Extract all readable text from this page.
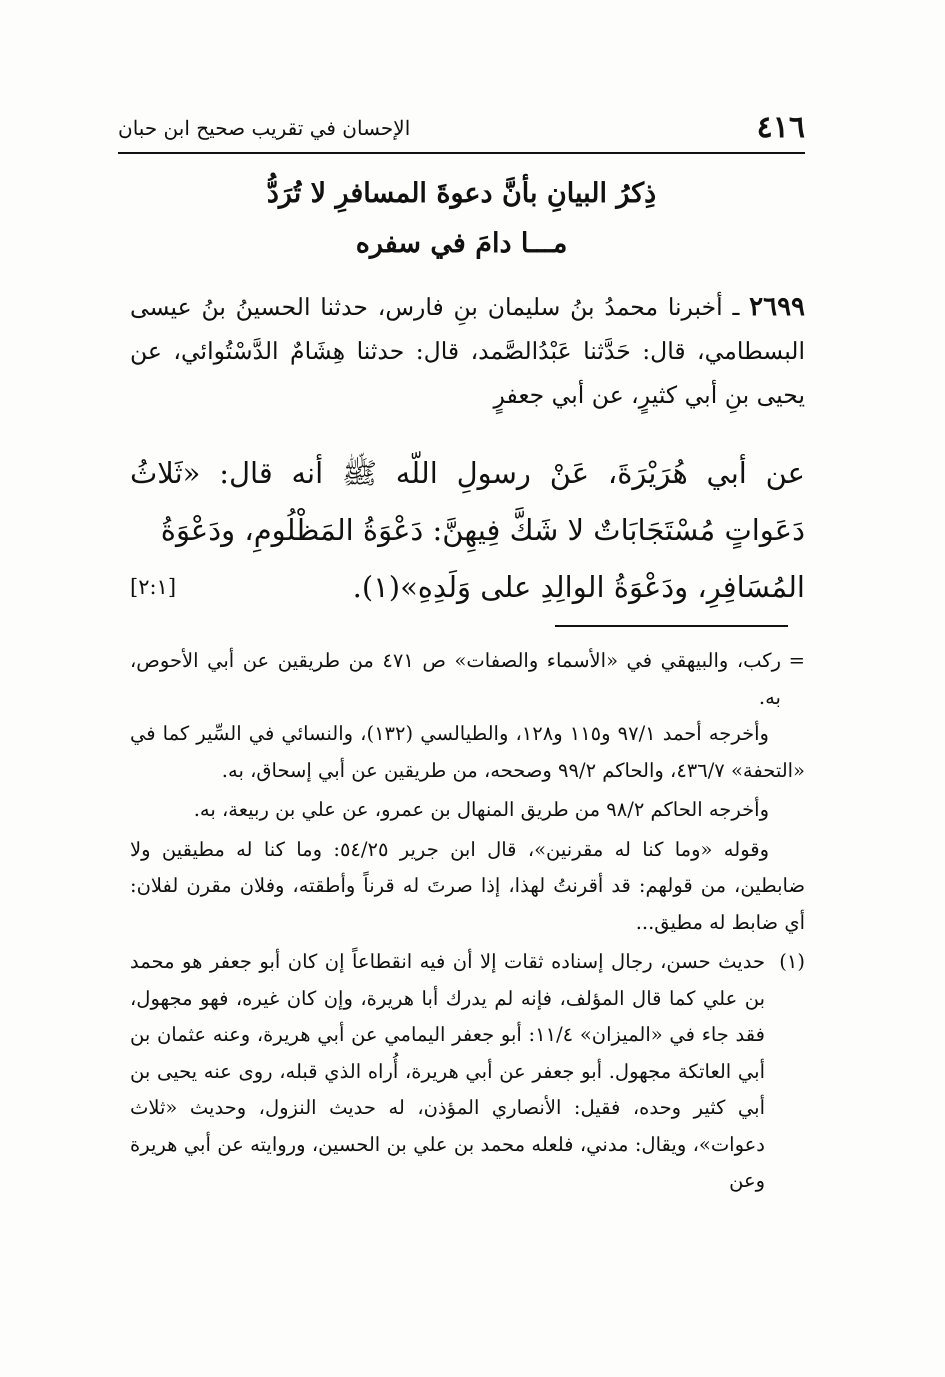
٤١٦
الإحسان في تقريب صحيح ابن حبان
ذِكرُ البيانِ بأنَّ دعوةَ المسافرِ لا تُرَدُّ
مـــا دامَ في سفره
٢٦٩٩ ـ أخبرنا محمدُ بنُ سليمان بنِ فارس، حدثنا الحسينُ بنُ عيسى البسطامي، قال: حَدَّثنا عَبْدُالصَّمد، قال: حدثنا هِشَامٌ الدَّسْتُوائي، عن يحيى بنِ أبي كثيرٍ، عن أبي جعفرٍ
عن أبي هُرَيْرَةَ، عَنْ رسولِ اللّه ﷺ أنه قال: «ثَلاثُ دَعَواتٍ مُسْتَجَابَاتٌ لا شَكَّ فِيهِنَّ: دَعْوَةُ المَظْلُومِ، ودَعْوَةُ
المُسَافِرِ، ودَعْوَةُ الوالِدِ على وَلَدِهِ»(١).
[٢:١]
=
ركب، والبيهقي في «الأسماء والصفات» ص ٤٧١ من طريقين عن أبي الأحوص، به.

وأخرجه أحمد ٩٧/١ و١١٥ و١٢٨، والطيالسي (١٣٢)، والنسائي في السِّير كما في «التحفة» ٤٣٦/٧، والحاكم ٩٩/٢ وصححه، من طريقين عن أبي إسحاق، به.

وأخرجه الحاكم ٩٨/٢ من طريق المنهال بن عمرو، عن علي بن ربيعة، به.

وقوله «وما كنا له مقرنين»، قال ابن جرير ٥٤/٢٥: وما كنا له مطيقين ولا ضابطين، من قولهم: قد أقرنتُ لهذا، إذا صرتَ له قرناً وأطقته، وفلان مقرن لفلان: أي ضابط له مطيق...

(١)
حديث حسن، رجال إسناده ثقات إلا أن فيه انقطاعاً إن كان أبو جعفر هو محمد بن علي كما قال المؤلف، فإنه لم يدرك أبا هريرة، وإن كان غيره، فهو مجهول، فقد جاء في «الميزان» ١١/٤: أبو جعفر اليمامي عن أبي هريرة، وعنه عثمان بن أبي العاتكة مجهول. أبو جعفر عن أبي هريرة، أُراه الذي قبله، روى عنه يحيى بن أبي كثير وحده، فقيل: الأنصاري المؤذن، له حديث النزول، وحديث «ثلاث دعوات»، ويقال: مدني، فلعله محمد بن علي بن الحسين، وروايته عن أبي هريرة وعن
